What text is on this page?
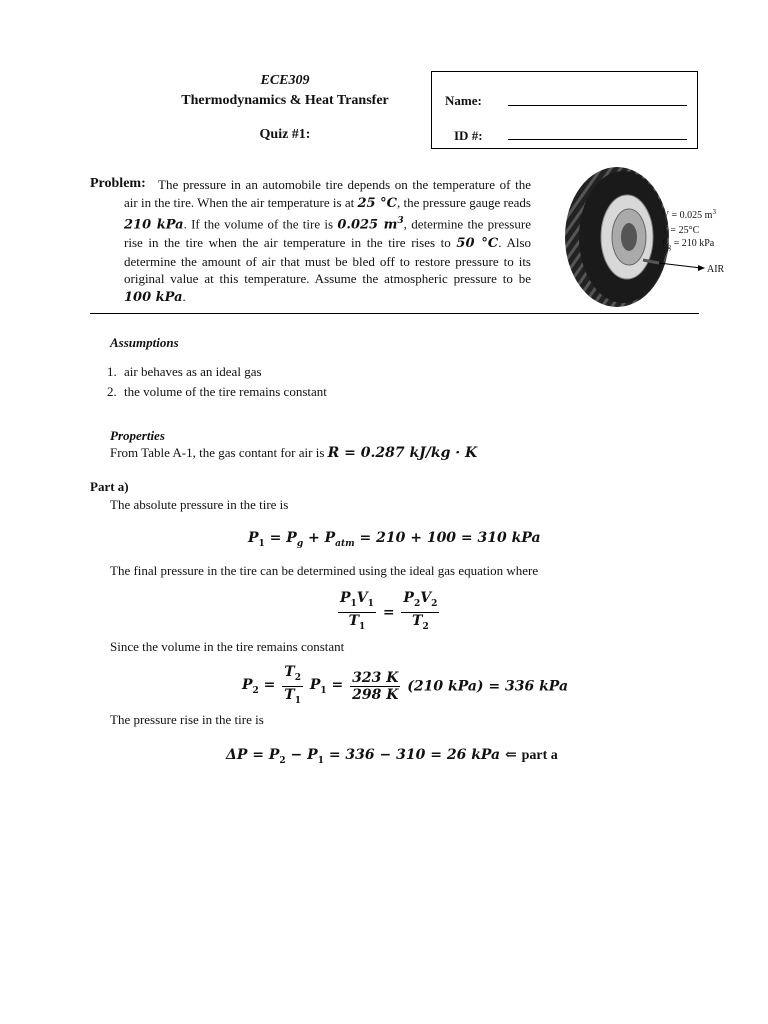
ECE309
Thermodynamics & Heat Transfer
Quiz #1:
Name:
ID #:
Problem: The pressure in an automobile tire depends on the temperature of the air in the tire. When the air temperature is at 25 °C, the pressure gauge reads 210 kPa. If the volume of the tire is 0.025 $m^3$, determine the pressure rise in the tire when the air temperature in the tire rises to 50 °C. Also determine the amount of air that must be bled off to restore pressure to its original value at this temperature. Assume the atmospheric pressure to be 100 kPa.
V = 0.025 $m^3$
T = 25°C
$P_g = 210$ kPa
AIR
Assumptions
1. air behaves as an ideal gas
2. the volume of the tire remains constant
Properties
From Table A-1, the gas contant for air is R = 0.287 kJ/kg · K
Part a)
The absolute pressure in the tire is
$P_1 = P_g + P_{atm} = 210 + 100 = 310$ kPa
The final pressure in the tire can be determined using the ideal gas equation where
$\frac{P_1V_1}{T_1} = \frac{P_2V_2}{T_2}$
Since the volume in the tire remains constant
$P_2 = \frac{T_2}{T_1} P_1 = \frac{323 K}{298 K} (210$ kPa) = 336 kPa
The pressure rise in the tire is
$\Delta P = P_2 - P_1 = 336 - 310 = 26$ kPa ⇐ part a
